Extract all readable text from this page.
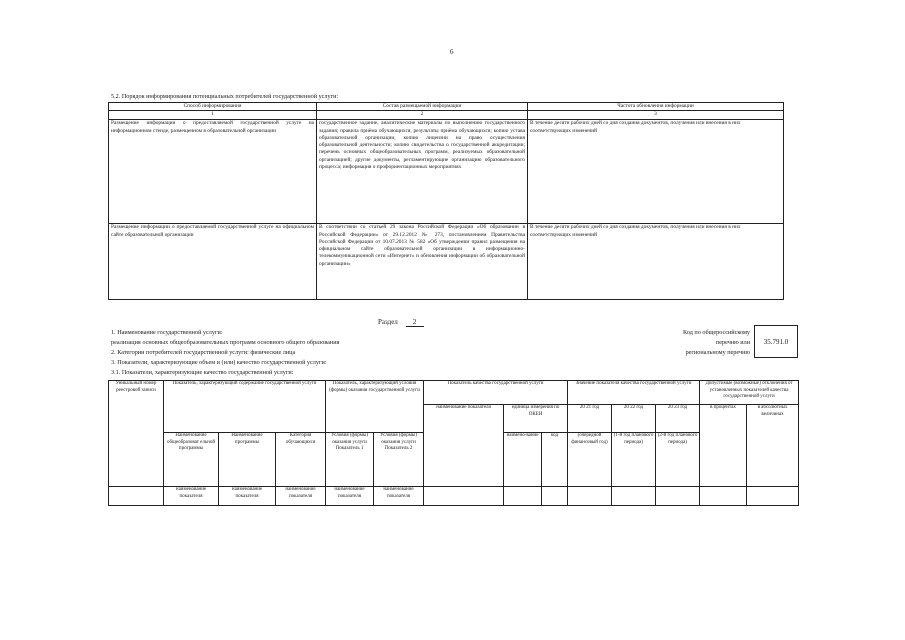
6
5.2. Порядок информирования потенциальных потребителей государственной услуги:
Способ информирования	Состав размещаемой информации	Частота обновления информации
1	2	3
Размещение информации о предоставляемой государственной услуге на информационном стенде, размещенном в образовательной организации	государственное задание, аналитические материалы по выполнению государственного задания; правила приёма обучающихся, результаты приёма обучающихся; копию устава образовательной организации, копию лицензии на право осуществления образовательной деятельности; копию свидетельства о государственной аккредитации; перечень основных общеобразовательных программ, реализуемых образовательной организацией; другие документы, регламентирующие организацию образовательного процесса; информация о профориентационных мероприятиях	В течение десяти рабочих дней со дня создания документов, получения или внесения в них соответствующих изменений
Размещение информации о предоставляемой государственной услуге на официальном сайте образовательной организации	В соответствии со статьей 29 закона Российской Федерации «Об образовании в Российской Федерации» от 29.12.2012 № 273, постановлением Правительства Российской Федерации от 10.07.2013 № 582 «Об утверждении правил размещения на официальном сайте образовательной организации в информационно-телекоммуникационной сети «Интернет» и обновления информации об образовательной организации»	В течение десяти рабочих дней со дня создания документов, получения или внесения в них соответствующих изменений
Раздел 2
1. Наименование государственной услуги:
реализация основных общеобразовательных программ основного общего образования
2. Категории потребителей государственной услуги: физические лица
3. Показатели, характеризующие объем и (или) качество государственной услуги:
3.1. Показатели, характеризующие качество государственной услуги:
Код по общероссийскому
перечню или
региональному перечню
35.791.0
Уникальный номер реестровой записи	Показатель, характеризующий содержание государственной услуги			Показатель, характеризующий условия (формы) оказания государственной услуги		Показатель качества государственной услуги			Значение показателя качества государственной услуги			Допустимые (возможные) отклонения от установленных показателей качества государственной услуги	
						наименование показателя	единица измерения по ОКЕИ		20 21 год	20 22 год	20 23 год	в процентах	в абсолютных величинах
	Наименование общеобразоват ельной программы	Наименование программы	Категория обучающихся	Условия (формы) оказания услуги Показатель 1	Условия (формы) оказания услуги Показатель 2		наимено-вание	код	(очередной финансовый год)	(1-й год планового периода)	(2-й год планового периода)		
	наименование показателя	наименование показателя	наименование показателя	наименование показателя	наименование показателя								
